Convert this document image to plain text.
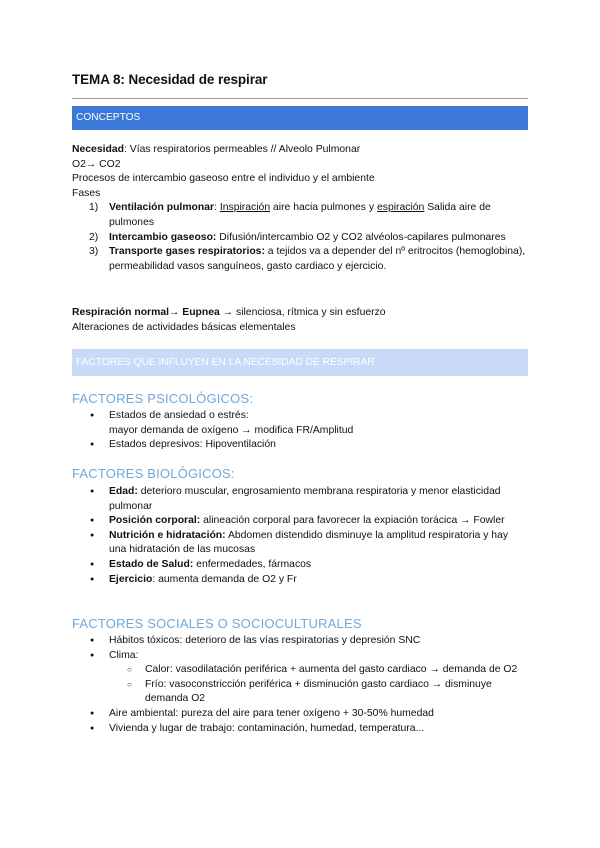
TEMA 8: Necesidad de respirar
CONCEPTOS
Necesidad: Vías respiratorios permeables // Alveolo Pulmonar
O2→ CO2
Procesos de intercambio gaseoso entre el individuo y el ambiente
Fases
1) Ventilación pulmonar: Inspiración aire hacia pulmones y espiración Salida aire de pulmones
2) Intercambio gaseoso: Difusión/intercambio O2 y CO2 alvéolos-capilares pulmonares
3) Transporte gases respiratorios: a tejidos va a depender del nº eritrocitos (hemoglobina), permeabilidad vasos sanguíneos, gasto cardiaco y ejercicio.
Respiración normal→ Eupnea → silenciosa, rítmica y sin esfuerzo
Alteraciones de actividades básicas elementales
FACTORES QUE INFLUYEN EN LA NECESIDAD DE RESPIRAR
FACTORES PSICOLÓGICOS:
● Estados de ansiedad o estrés:
mayor demanda de oxígeno → modifica FR/Amplitud
● Estados depresivos: Hipoventilación
FACTORES BIOLÓGICOS:
● Edad: deterioro muscular, engrosamiento membrana respiratoria y menor elasticidad pulmonar
● Posición corporal: alineación corporal para favorecer la expiación torácica → Fowler
● Nutrición e hidratación: Abdomen distendido disminuye la amplitud respiratoria y hay una hidratación de las mucosas
● Estado de Salud: enfermedades, fármacos
● Ejercicio: aumenta demanda de O2 y Fr
FACTORES SOCIALES O SOCIOCULTURALES
● Hábitos tóxicos: deterioro de las vías respiratorias y depresión SNC
● Clima:
○ Calor: vasodilatación periférica + aumenta del gasto cardiaco → demanda de O2
○ Frío: vasoconstricción periférica + disminución gasto cardiaco → disminuye demanda O2
● Aire ambiental: pureza del aire para tener oxígeno + 30-50% humedad
● Vivienda y lugar de trabajo: contaminación, humedad, temperatura...
